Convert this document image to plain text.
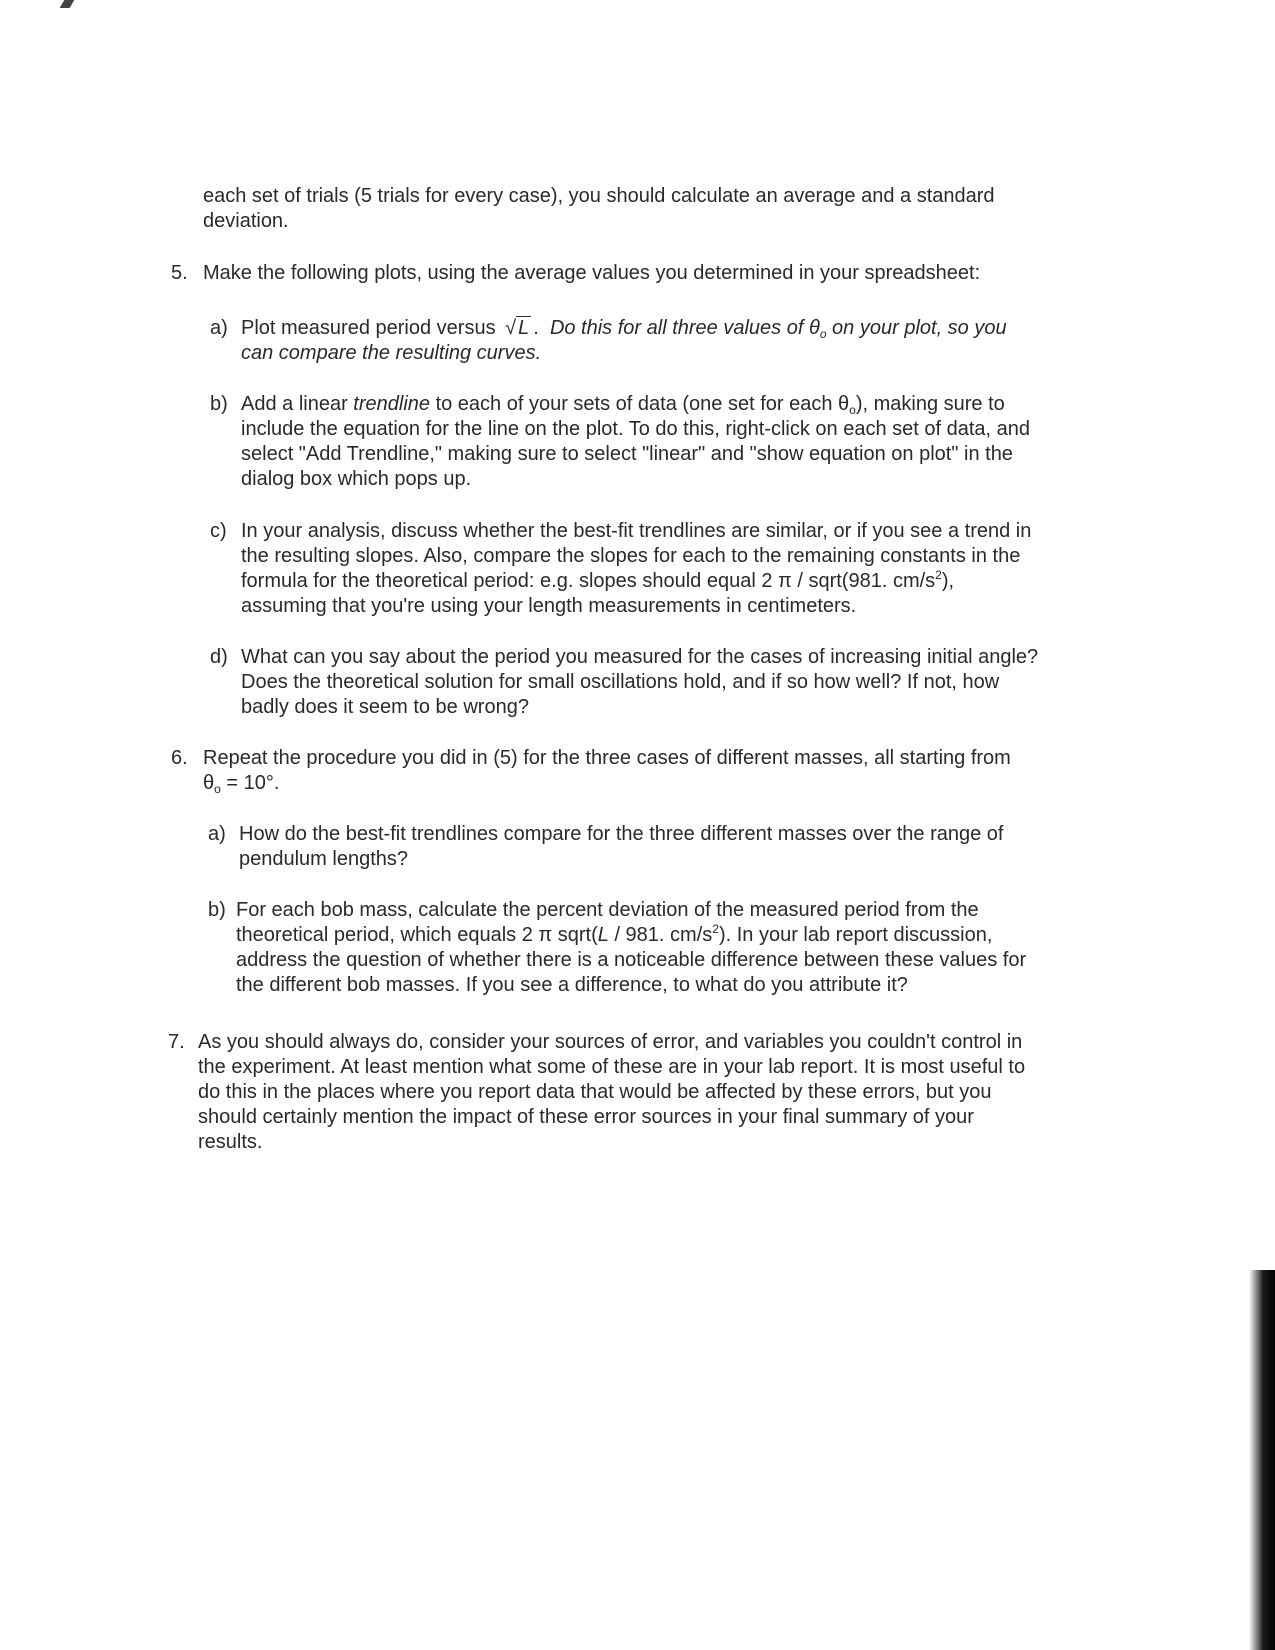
each set of trials (5 trials for every case), you should calculate an average and a standard
deviation.
5. Make the following plots, using the average values you determined in your spreadsheet:
a) Plot measured period versus √ L . Do this for all three values of $\theta_o$ on your plot, so you
can compare the resulting curves.
b) Add a linear trendline to each of your sets of data (one set for each $\theta_o$), making sure to
include the equation for the line on the plot. To do this, right-click on each set of data, and
select "Add Trendline," making sure to select "linear" and "show equation on plot" in the
dialog box which pops up.
c) In your analysis, discuss whether the best-fit trendlines are similar, or if you see a trend in
the resulting slopes. Also, compare the slopes for each to the remaining constants in the
formula for the theoretical period: e.g. slopes should equal 2 π / sqrt(981. $cm/s^2$),
assuming that you're using your length measurements in centimeters.
d) What can you say about the period you measured for the cases of increasing initial angle?
Does the theoretical solution for small oscillations hold, and if so how well? If not, how
badly does it seem to be wrong?
6. Repeat the procedure you did in (5) for the three cases of different masses, all starting from
$\theta_o = 10^\circ$.
a) How do the best-fit trendlines compare for the three different masses over the range of
pendulum lengths?
b) For each bob mass, calculate the percent deviation of the measured period from the
theoretical period, which equals 2 π sqrt(L / 981. $cm/s^2$). In your lab report discussion,
address the question of whether there is a noticeable difference between these values for
the different bob masses. If you see a difference, to what do you attribute it?
7. As you should always do, consider your sources of error, and variables you couldn't control in
the experiment. At least mention what some of these are in your lab report. It is most useful to
do this in the places where you report data that would be affected by these errors, but you
should certainly mention the impact of these error sources in your final summary of your
results.
